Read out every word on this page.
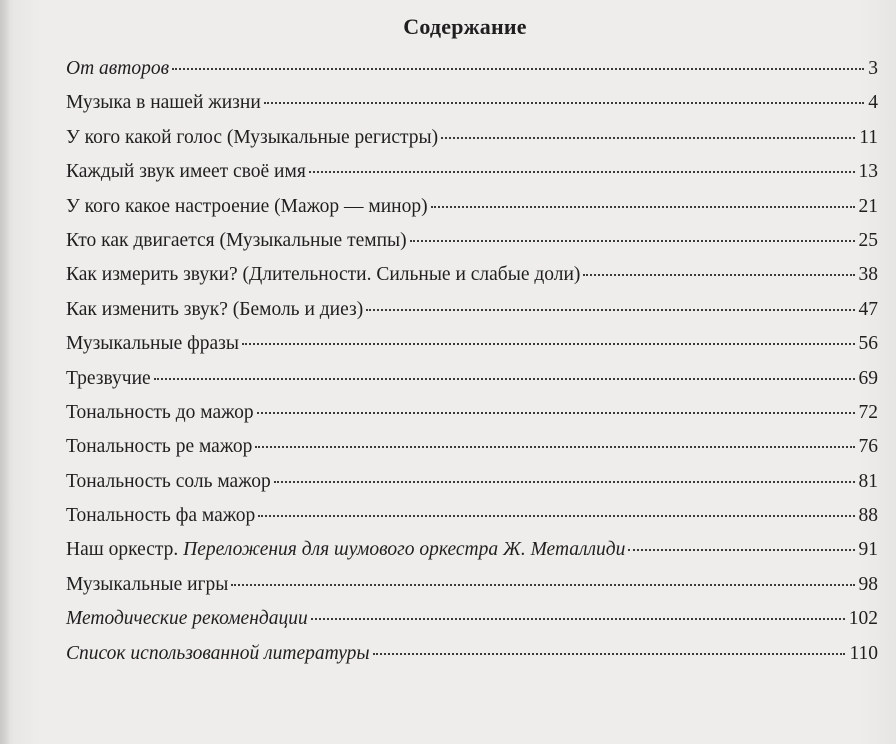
Содержание
От авторов	3
Музыка в нашей жизни	4
У кого какой голос (Музыкальные регистры)	11
Каждый звук имеет своё имя	13
У кого какое настроение (Мажор — минор)	21
Кто как двигается (Музыкальные темпы)	25
Как измерить звуки? (Длительности. Сильные и слабые доли)	38
Как изменить звук? (Бемоль и диез)	47
Музыкальные фразы	56
Трезвучие	69
Тональность до мажор	72
Тональность ре мажор	76
Тональность соль мажор	81
Тональность фа мажор	88
Наш оркестр. Переложения для шумового оркестра Ж. Металлиди	91
Музыкальные игры	98
Методические рекомендации	102
Список использованной литературы	110
